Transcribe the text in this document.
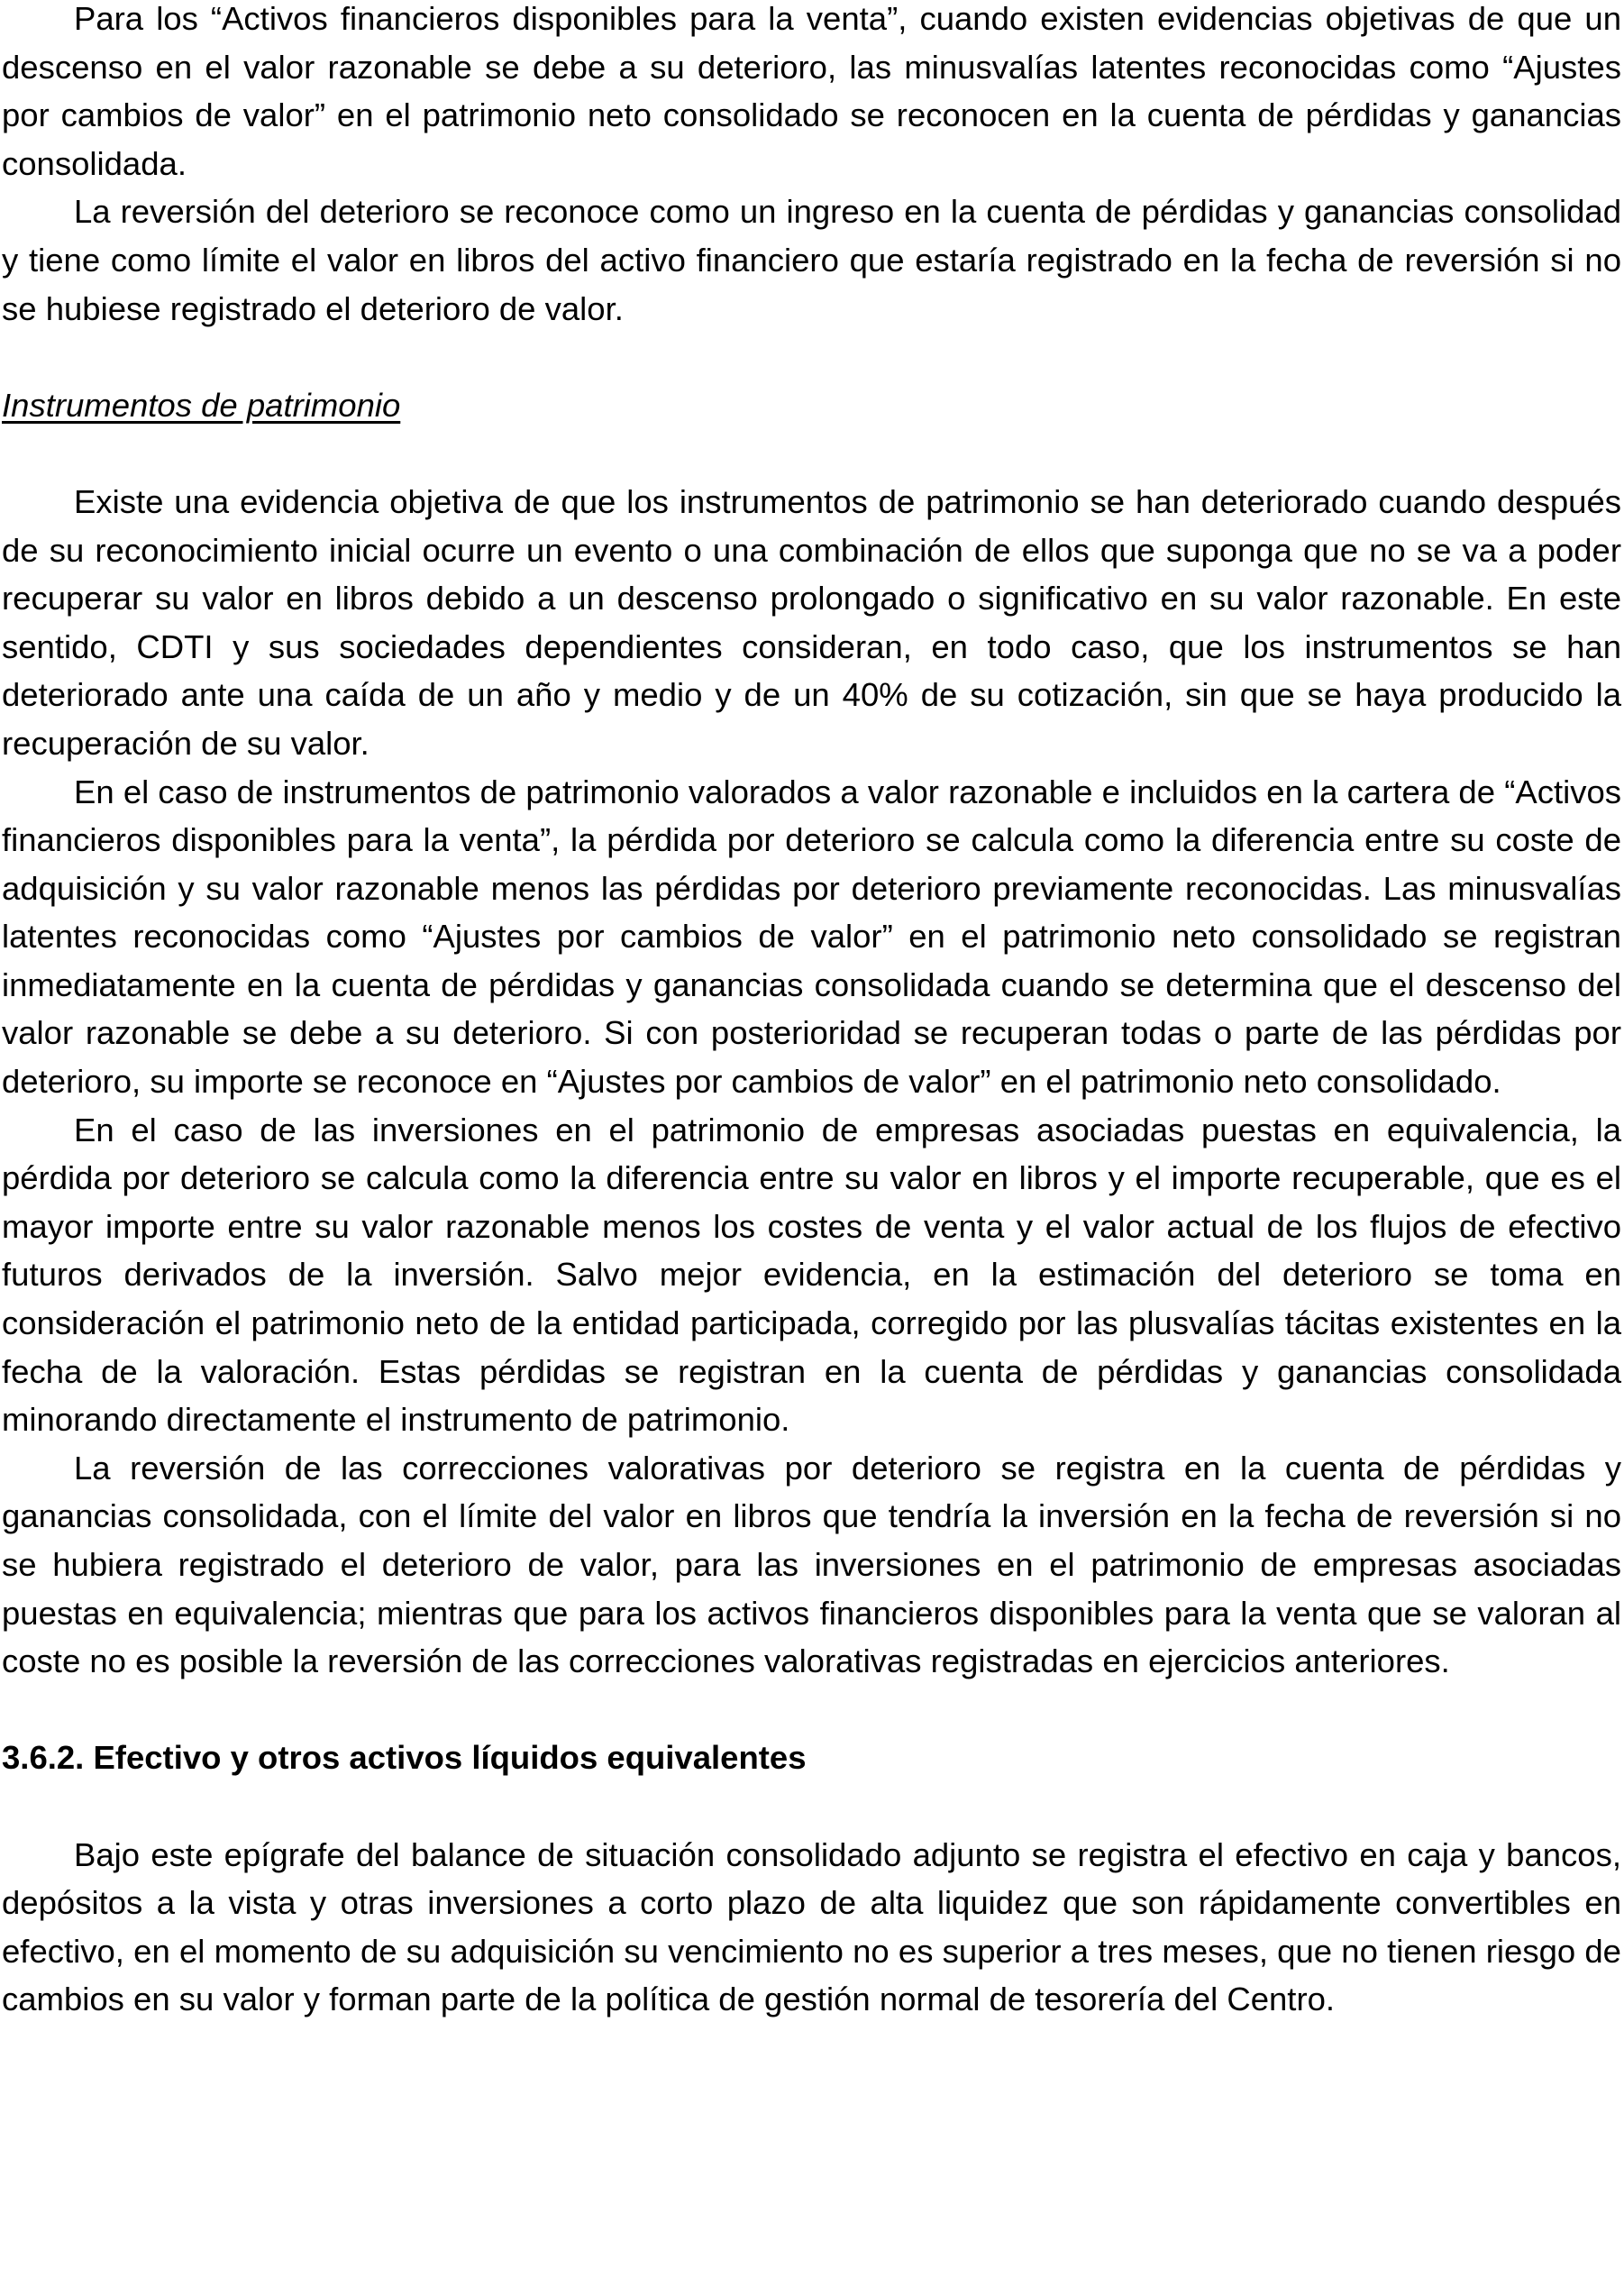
Para los “Activos financieros disponibles para la venta”, cuando existen evidencias objetivas de que un descenso en el valor razonable se debe a su deterioro, las minusvalías latentes reconocidas como “Ajustes por cambios de valor” en el patrimonio neto consolidado se reconocen en la cuenta de pérdidas y ganancias consolidada.

La reversión del deterioro se reconoce como un ingreso en la cuenta de pérdidas y ganancias consolidad y tiene como límite el valor en libros del activo financiero que estaría registrado en la fecha de reversión si no se hubiese registrado el deterioro de valor.

Instrumentos de patrimonio

Existe una evidencia objetiva de que los instrumentos de patrimonio se han deteriorado cuando después de su reconocimiento inicial ocurre un evento o una combinación de ellos que suponga que no se va a poder recuperar su valor en libros debido a un descenso prolongado o significativo en su valor razonable. En este sentido, CDTI y sus sociedades dependientes consideran, en todo caso, que los instrumentos se han deteriorado ante una caída de un año y medio y de un 40% de su cotización, sin que se haya producido la recuperación de su valor.

En el caso de instrumentos de patrimonio valorados a valor razonable e incluidos en la cartera de “Activos financieros disponibles para la venta”, la pérdida por deterioro se calcula como la diferencia entre su coste de adquisición y su valor razonable menos las pérdidas por deterioro previamente reconocidas. Las minusvalías latentes reconocidas como “Ajustes por cambios de valor” en el patrimonio neto consolidado se registran inmediatamente en la cuenta de pérdidas y ganancias consolidada cuando se determina que el descenso del valor razonable se debe a su deterioro. Si con posterioridad se recuperan todas o parte de las pérdidas por deterioro, su importe se reconoce en “Ajustes por cambios de valor” en el patrimonio neto consolidado.

En el caso de las inversiones en el patrimonio de empresas asociadas puestas en equivalencia, la pérdida por deterioro se calcula como la diferencia entre su valor en libros y el importe recuperable, que es el mayor importe entre su valor razonable menos los costes de venta y el valor actual de los flujos de efectivo futuros derivados de la inversión. Salvo mejor evidencia, en la estimación del deterioro se toma en consideración el patrimonio neto de la entidad participada, corregido por las plusvalías tácitas existentes en la fecha de la valoración. Estas pérdidas se registran en la cuenta de pérdidas y ganancias consolidada minorando directamente el instrumento de patrimonio.

La reversión de las correcciones valorativas por deterioro se registra en la cuenta de pérdidas y ganancias consolidada, con el límite del valor en libros que tendría la inversión en la fecha de reversión si no se hubiera registrado el deterioro de valor, para las inversiones en el patrimonio de empresas asociadas puestas en equivalencia; mientras que para los activos financieros disponibles para la venta que se valoran al coste no es posible la reversión de las correcciones valorativas registradas en ejercicios anteriores.

3.6.2. Efectivo y otros activos líquidos equivalentes

Bajo este epígrafe del balance de situación consolidado adjunto se registra el efectivo en caja y bancos, depósitos a la vista y otras inversiones a corto plazo de alta liquidez que son rápidamente convertibles en efectivo, en el momento de su adquisición su vencimiento no es superior a tres meses, que no tienen riesgo de cambios en su valor y forman parte de la política de gestión normal de tesorería del Centro.
